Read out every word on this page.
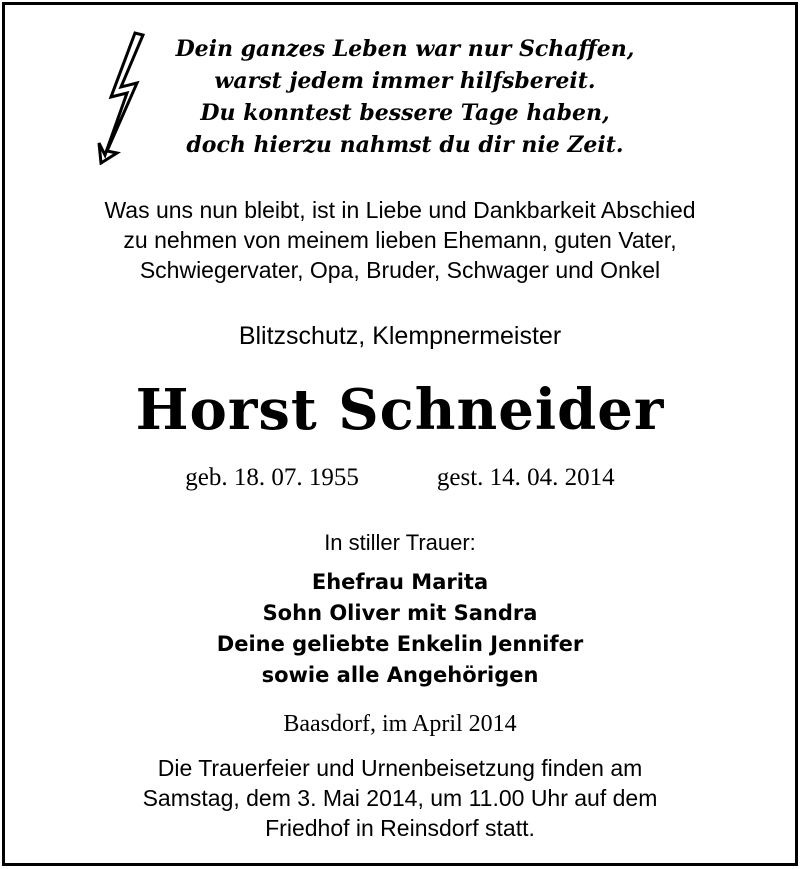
Dein ganzes Leben war nur Schaffen,
warst jedem immer hilfsbereit.
Du konntest bessere Tage haben,
doch hierzu nahmst du dir nie Zeit.
Was uns nun bleibt, ist in Liebe und Dankbarkeit Abschied
zu nehmen von meinem lieben Ehemann, guten Vater,
Schwiegervater, Opa, Bruder, Schwager und Onkel
Blitzschutz, Klempnermeister
Horst Schneider
geb. 18. 07. 1955	gest. 14. 04. 2014
In stiller Trauer:
Ehefrau Marita
Sohn Oliver mit Sandra
Deine geliebte Enkelin Jennifer
sowie alle Angehörigen
Baasdorf, im April 2014
Die Trauerfeier und Urnenbeisetzung finden am
Samstag, dem 3. Mai 2014, um 11.00 Uhr auf dem
Friedhof in Reinsdorf statt.
